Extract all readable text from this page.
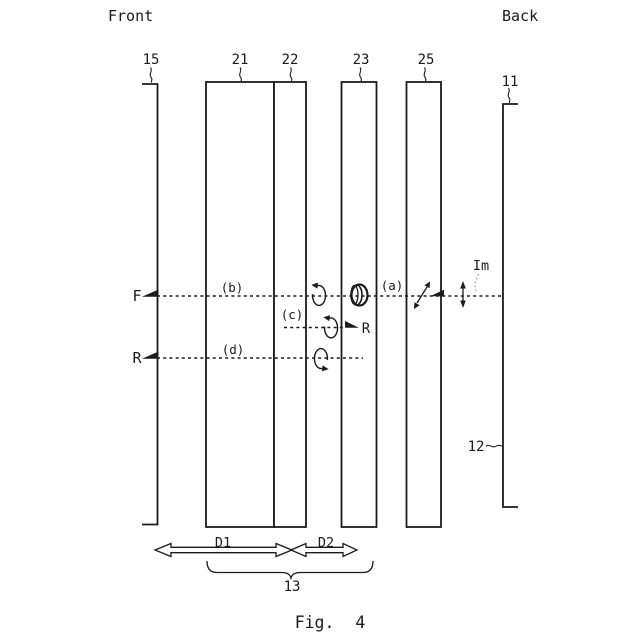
Front	Back
15	21 22	23	25
11
12
F
R
(b)
(d)
(c)
(a)
R
Im
D1	D2
13
Fig. 4
